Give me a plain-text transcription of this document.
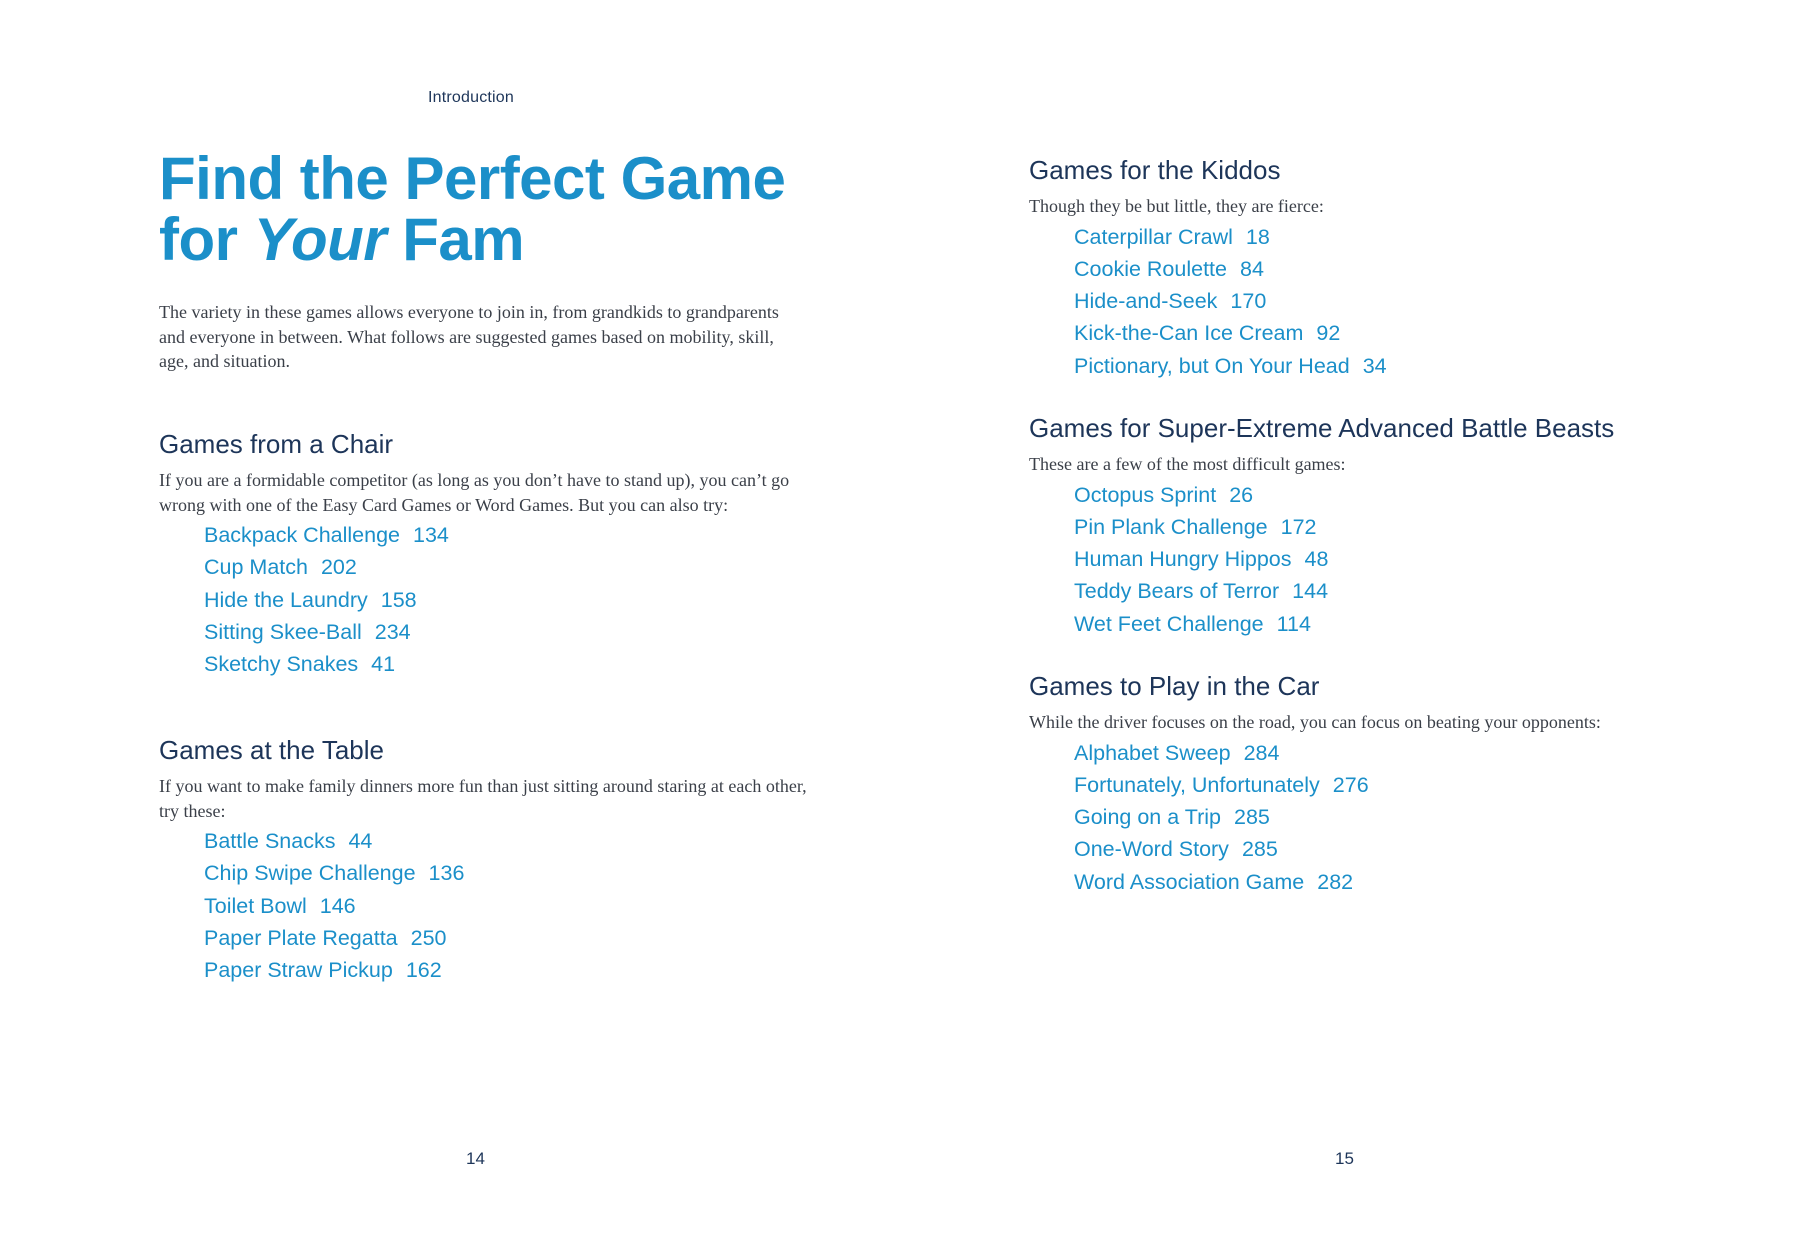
Introduction
Find the Perfect Game
for Your Fam

The variety in these games allows everyone to join in, from grandkids to grandparents and everyone in between. What follows are suggested games based on mobility, skill, age, and situation.

Games from a Chair

If you are a formidable competitor (as long as you don’t have to stand up), you can’t go wrong with one of the Easy Card Games or Word Games. But you can also try:

Backpack Challenge 134
Cup Match 202
Hide the Laundry 158
Sitting Skee-Ball 234
Sketchy Snakes 41
Games at the Table

If you want to make family dinners more fun than just sitting around staring at each other, try these:

Battle Snacks 44
Chip Swipe Challenge 136
Toilet Bowl 146
Paper Plate Regatta 250
Paper Straw Pickup 162
14
Games for the Kiddos

Though they be but little, they are fierce:

Caterpillar Crawl 18
Cookie Roulette 84
Hide-and-Seek 170
Kick-the-Can Ice Cream 92
Pictionary, but On Your Head 34
Games for Super-Extreme Advanced Battle Beasts

These are a few of the most difficult games:

Octopus Sprint 26
Pin Plank Challenge 172
Human Hungry Hippos 48
Teddy Bears of Terror 144
Wet Feet Challenge 114
Games to Play in the Car

While the driver focuses on the road, you can focus on beating your opponents:

Alphabet Sweep 284
Fortunately, Unfortunately 276
Going on a Trip 285
One-Word Story 285
Word Association Game 282
15
